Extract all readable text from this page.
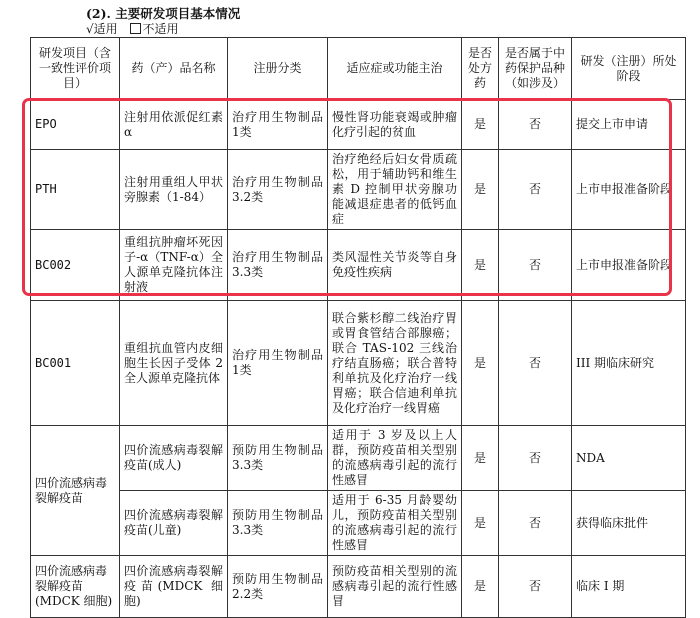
(2). 主要研发项目基本情况
√适用 不适用
研发项目（含一致性评价项目）	药（产）品名称	注册分类	适应症或功能主治	是否处方药	是否属于中药保护品种（如涉及）	研发（注册）所处阶段
EPO	注射用依派促红素α	治疗用生物制品1类	慢性肾功能衰竭或肿瘤化疗引起的贫血	是	否	提交上市申请
PTH	注射用重组人甲状旁腺素（1-84）	治疗用生物制品3.2类	治疗绝经后妇女骨质疏松，用于辅助钙和维生素 D 控制甲状旁腺功能减退症患者的低钙血症	是	否	上市申报准备阶段
BC002	重组抗肿瘤坏死因子-α（TNF-α）全人源单克隆抗体注射液	治疗用生物制品3.3类	类风湿性关节炎等自身免疫性疾病	是	否	上市申报准备阶段
BC001	重组抗血管内皮细胞生长因子受体 2 全人源单克隆抗体	治疗用生物制品1类	联合紫杉醇二线治疗胃或胃食管结合部腺癌；联合 TAS-102 三线治疗结直肠癌；联合普特利单抗及化疗治疗一线胃癌；联合信迪利单抗及化疗治疗一线胃癌	是	否	III 期临床研究
四价流感病毒裂解疫苗	四价流感病毒裂解疫苗(成人)	预防用生物制品3.3类	适用于 3 岁及以上人群，预防疫苗相关型别的流感病毒引起的流行性感冒	是	否	NDA
	四价流感病毒裂解疫苗(儿童)	预防用生物制品3.3类	适用于 6-35 月龄婴幼儿，预防疫苗相关型别的流感病毒引起的流行性感冒	是	否	获得临床批件
四价流感病毒裂解疫苗(MDCK 细胞)	四价流感病毒裂解疫苗(MDCK 细胞)	预防用生物制品2.2类	预防疫苗相关型别的流感病毒引起的流行性感冒	是	否	临床 I 期
